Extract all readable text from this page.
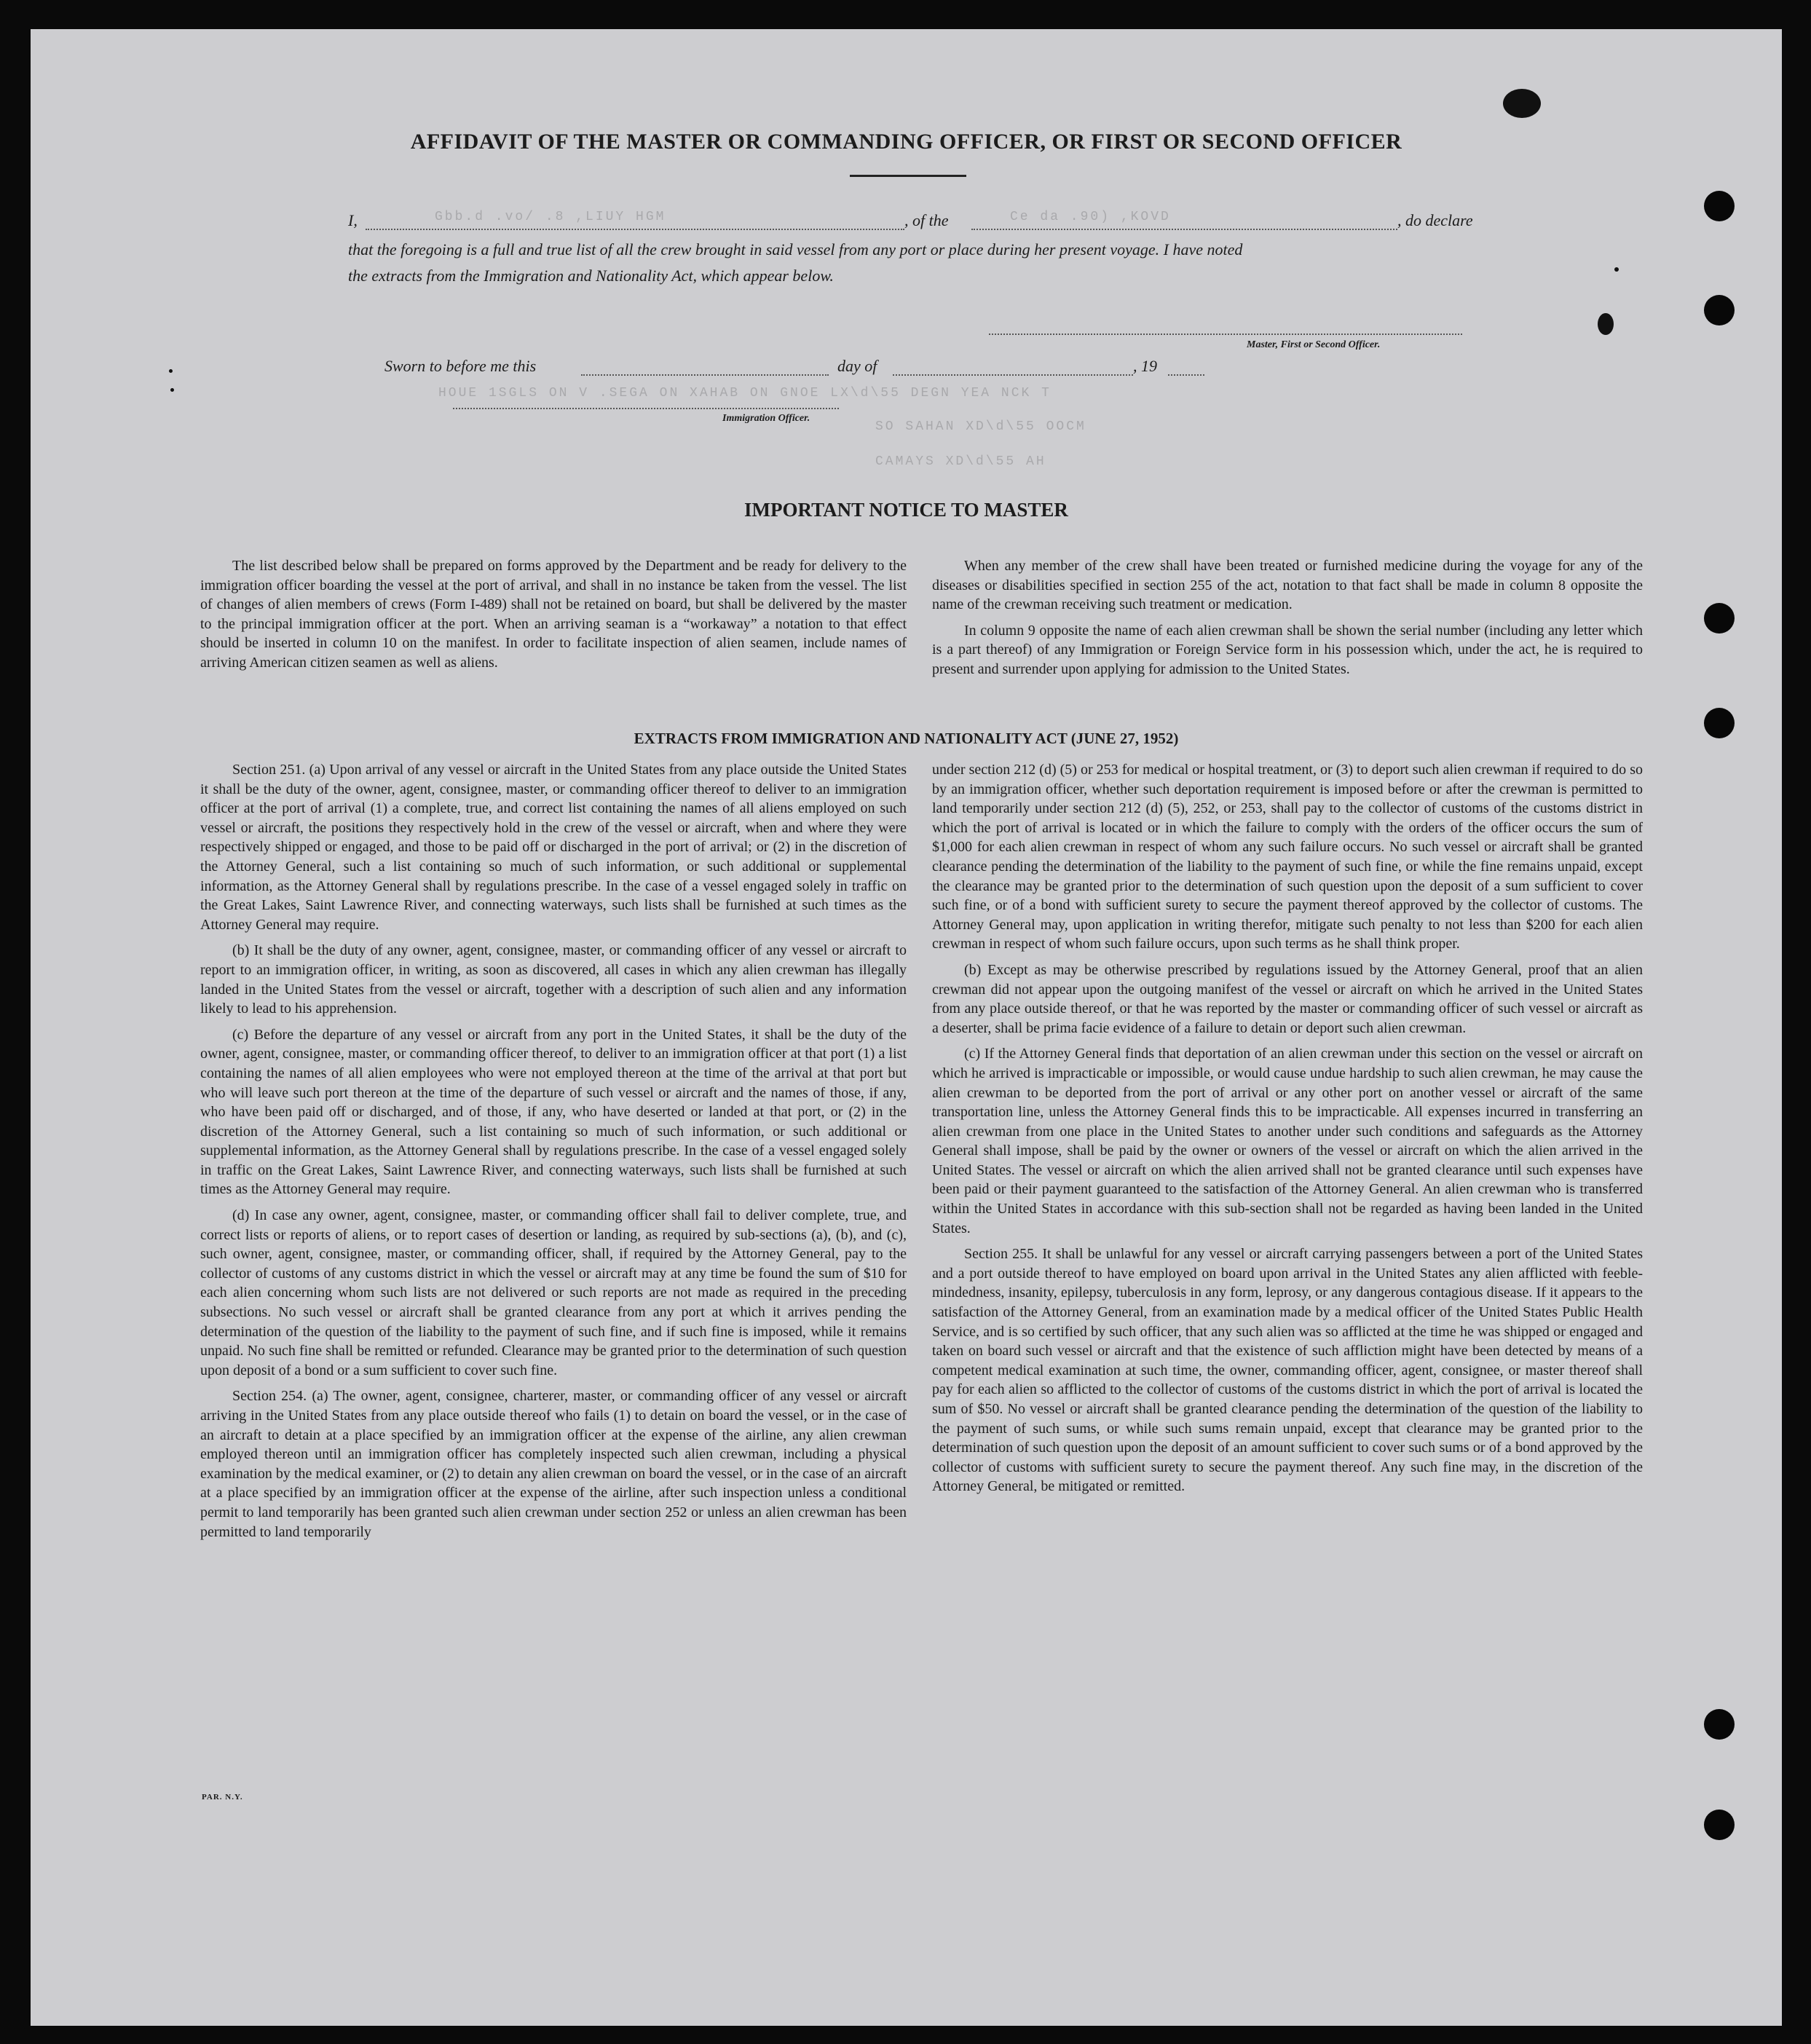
AFFIDAVIT OF THE MASTER OR COMMANDING OFFICER, OR FIRST OR SECOND OFFICER
I,	Gbb.d .vo/ .8 ,​LIUY HGM	, of the	Ce da .90) ,KOVD	, do declare
that the foregoing is a full and true list of all the crew brought in said vessel from any port or place during her present voyage. I have noted
the extracts from the Immigration and Nationality Act, which appear below.
Master, First or Second Officer.
Sworn to before me this	day of	, 19
HOUE 1SGLS ON V .SEGA ON XAHAB ON GNOE LX\d\55 DEGN YEA NCK T
Immigration Officer.
SO SAHAN XD\d\55 OOCM
CAMAYS XD\d\55 AH
IMPORTANT NOTICE TO MASTER

The list described below shall be prepared on forms approved by the Department and be ready for delivery to the immigration officer boarding the vessel at the port of arrival, and shall in no instance be taken from the vessel. The list of changes of alien members of crews (Form I-489) shall not be retained on board, but shall be delivered by the master to the principal immigration officer at the port. When an arriving seaman is a “workaway” a notation to that effect should be inserted in column 10 on the manifest. In order to facilitate inspection of alien seamen, include names of arriving American citizen seamen as well as aliens.

When any member of the crew shall have been treated or furnished medicine during the voyage for any of the diseases or disabilities specified in section 255 of the act, notation to that fact shall be made in column 8 opposite the name of the crewman receiving such treatment or medication.

In column 9 opposite the name of each alien crewman shall be shown the serial number (including any letter which is a part thereof) of any Immigration or Foreign Service form in his possession which, under the act, he is required to present and surrender upon applying for admission to the United States.

EXTRACTS FROM IMMIGRATION AND NATIONALITY ACT (JUNE 27, 1952)

Section 251. (a) Upon arrival of any vessel or aircraft in the United States from any place outside the United States it shall be the duty of the owner, agent, consignee, master, or commanding officer thereof to deliver to an immigration officer at the port of arrival (1) a complete, true, and correct list containing the names of all aliens employed on such vessel or aircraft, the positions they respectively hold in the crew of the vessel or aircraft, when and where they were respectively shipped or engaged, and those to be paid off or discharged in the port of arrival; or (2) in the discretion of the Attorney General, such a list containing so much of such information, or such additional or supplemental information, as the Attorney General shall by regulations prescribe. In the case of a vessel engaged solely in traffic on the Great Lakes, Saint Lawrence River, and connecting waterways, such lists shall be furnished at such times as the Attorney General may require.

(b) It shall be the duty of any owner, agent, consignee, master, or commanding officer of any vessel or aircraft to report to an immigration officer, in writing, as soon as discovered, all cases in which any alien crewman has illegally landed in the United States from the vessel or aircraft, together with a description of such alien and any information likely to lead to his apprehension.

(c) Before the departure of any vessel or aircraft from any port in the United States, it shall be the duty of the owner, agent, consignee, master, or commanding officer thereof, to deliver to an immigration officer at that port (1) a list containing the names of all alien employees who were not employed thereon at the time of the arrival at that port but who will leave such port thereon at the time of the departure of such vessel or aircraft and the names of those, if any, who have been paid off or discharged, and of those, if any, who have deserted or landed at that port, or (2) in the discretion of the Attorney General, such a list containing so much of such information, or such additional or supplemental information, as the Attorney General shall by regulations prescribe. In the case of a vessel engaged solely in traffic on the Great Lakes, Saint Lawrence River, and connecting waterways, such lists shall be furnished at such times as the Attorney General may require.

(d) In case any owner, agent, consignee, master, or commanding officer shall fail to deliver complete, true, and correct lists or reports of aliens, or to report cases of desertion or landing, as required by sub-sections (a), (b), and (c), such owner, agent, consignee, master, or commanding officer, shall, if required by the Attorney General, pay to the collector of customs of any customs district in which the vessel or aircraft may at any time be found the sum of $10 for each alien concerning whom such lists are not delivered or such reports are not made as required in the preceding subsections. No such vessel or aircraft shall be granted clearance from any port at which it arrives pending the determination of the question of the liability to the payment of such fine, and if such fine is imposed, while it remains unpaid. No such fine shall be remitted or refunded. Clearance may be granted prior to the determination of such question upon deposit of a bond or a sum sufficient to cover such fine.

Section 254. (a) The owner, agent, consignee, charterer, master, or commanding officer of any vessel or aircraft arriving in the United States from any place outside thereof who fails (1) to detain on board the vessel, or in the case of an aircraft to detain at a place specified by an immigration officer at the expense of the airline, any alien crewman employed thereon until an immigration officer has completely inspected such alien crewman, including a physical examination by the medical examiner, or (2) to detain any alien crewman on board the vessel, or in the case of an aircraft at a place specified by an immigration officer at the expense of the airline, after such inspection unless a conditional permit to land temporarily has been granted such alien crewman under section 252 or unless an alien crewman has been permitted to land temporarily

under section 212 (d) (5) or 253 for medical or hospital treatment, or (3) to deport such alien crewman if required to do so by an immigration officer, whether such deportation requirement is imposed before or after the crewman is permitted to land temporarily under section 212 (d) (5), 252, or 253, shall pay to the collector of customs of the customs district in which the port of arrival is located or in which the failure to comply with the orders of the officer occurs the sum of $1,000 for each alien crewman in respect of whom any such failure occurs. No such vessel or aircraft shall be granted clearance pending the determination of the liability to the payment of such fine, or while the fine remains unpaid, except the clearance may be granted prior to the determination of such question upon the deposit of a sum sufficient to cover such fine, or of a bond with sufficient surety to secure the payment thereof approved by the collector of customs. The Attorney General may, upon application in writing therefor, mitigate such penalty to not less than $200 for each alien crewman in respect of whom such failure occurs, upon such terms as he shall think proper.

(b) Except as may be otherwise prescribed by regulations issued by the Attorney General, proof that an alien crewman did not appear upon the outgoing manifest of the vessel or aircraft on which he arrived in the United States from any place outside thereof, or that he was reported by the master or commanding officer of such vessel or aircraft as a deserter, shall be prima facie evidence of a failure to detain or deport such alien crewman.

(c) If the Attorney General finds that deportation of an alien crewman under this section on the vessel or aircraft on which he arrived is impracticable or impossible, or would cause undue hardship to such alien crewman, he may cause the alien crewman to be deported from the port of arrival or any other port on another vessel or aircraft of the same transportation line, unless the Attorney General finds this to be impracticable. All expenses incurred in transferring an alien crewman from one place in the United States to another under such conditions and safeguards as the Attorney General shall impose, shall be paid by the owner or owners of the vessel or aircraft on which the alien arrived in the United States. The vessel or aircraft on which the alien arrived shall not be granted clearance until such expenses have been paid or their payment guaranteed to the satisfaction of the Attorney General. An alien crewman who is transferred within the United States in accordance with this sub-section shall not be regarded as having been landed in the United States.

Section 255. It shall be unlawful for any vessel or aircraft carrying passengers between a port of the United States and a port outside thereof to have employed on board upon arrival in the United States any alien afflicted with feeble-mindedness, insanity, epilepsy, tuberculosis in any form, leprosy, or any dangerous contagious disease. If it appears to the satisfaction of the Attorney General, from an examination made by a medical officer of the United States Public Health Service, and is so certified by such officer, that any such alien was so afflicted at the time he was shipped or engaged and taken on board such vessel or aircraft and that the existence of such affliction might have been detected by means of a competent medical examination at such time, the owner, commanding officer, agent, consignee, or master thereof shall pay for each alien so afflicted to the collector of customs of the customs district in which the port of arrival is located the sum of $50. No vessel or aircraft shall be granted clearance pending the determination of the question of the liability to the payment of such sums, or while such sums remain unpaid, except that clearance may be granted prior to the determination of such question upon the deposit of an amount sufficient to cover such sums or of a bond approved by the collector of customs with sufficient surety to secure the payment thereof. Any such fine may, in the discretion of the Attorney General, be mitigated or remitted.

PAR. N.Y.
